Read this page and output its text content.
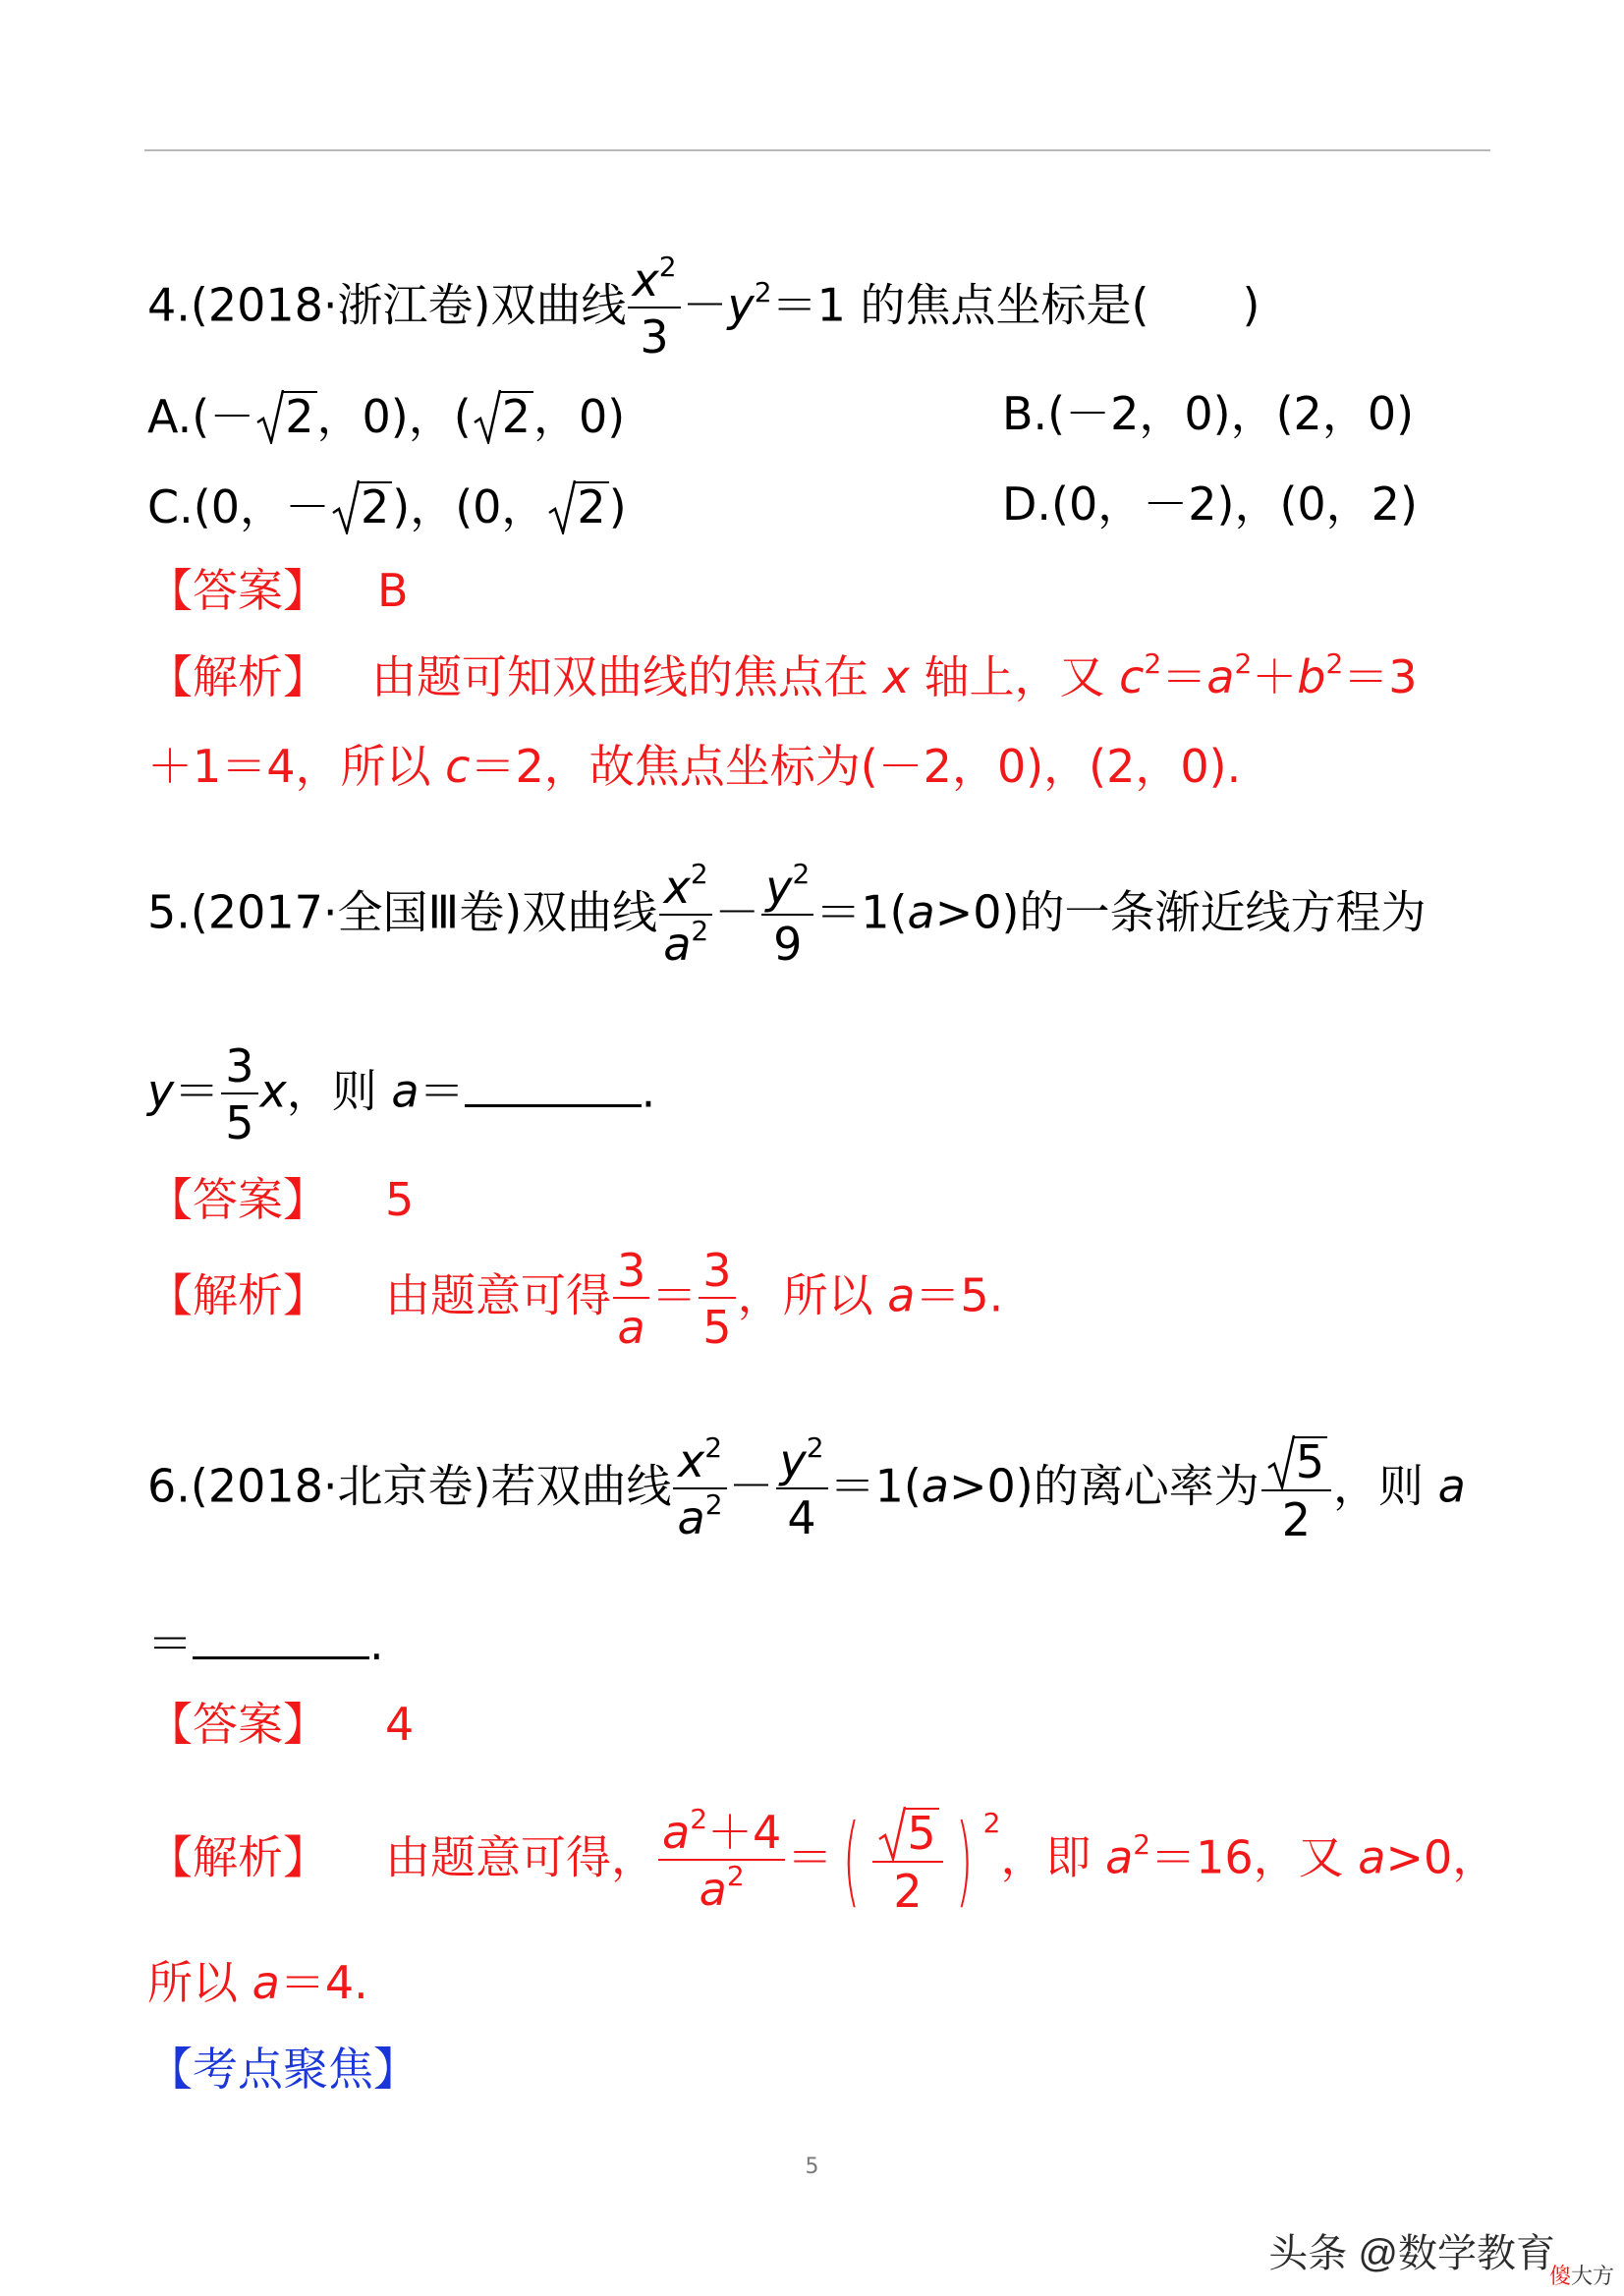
4.(2018·浙江卷)双曲线 $\frac{x^2}{3} -y^2=1$ 的焦点坐标是( )
A.(－ 2，0)，( 2，0)	B.(－2，0)，(2，0)
C.(0，－ 2)，(0， 2)	D.(0，－2)，(0，2)
【答案】 B
【解析】 由题可知双曲线的焦点在 x 轴上，又 $c^2=a^2+b^2=3$
＋1＝4，所以 c＝2，故焦点坐标为(－2，0)，(2，0).
5.(2017·全国Ⅲ卷)双曲线 $\frac{x^2}{a^2} - \frac{y^2}{9} =1(a>0)$的一条渐近线方程为
$y= \frac{3}{5}$ x，则 a＝	.
【答案】 5
【解析】 由题意可得 $\frac{3}{a} = \frac{3}{5}$ ，所以 a＝5.
6.(2018·北京卷)若双曲线 $\frac{x^2}{a^2} - \frac{y^2}{4} =1(a>0)$的离心率为 $\frac{5}{2}$ ，则 a
＝	.
【答案】 4
【解析】 由题意可得， $\frac{a^2+4}{a^2}$ ＝ ( $\frac{5}{2}$ ) $^2$，即 $a^2=16$，又 a>0，
所以 a＝4.
【考点聚焦】
5
头条 @数学教育
傻大方
